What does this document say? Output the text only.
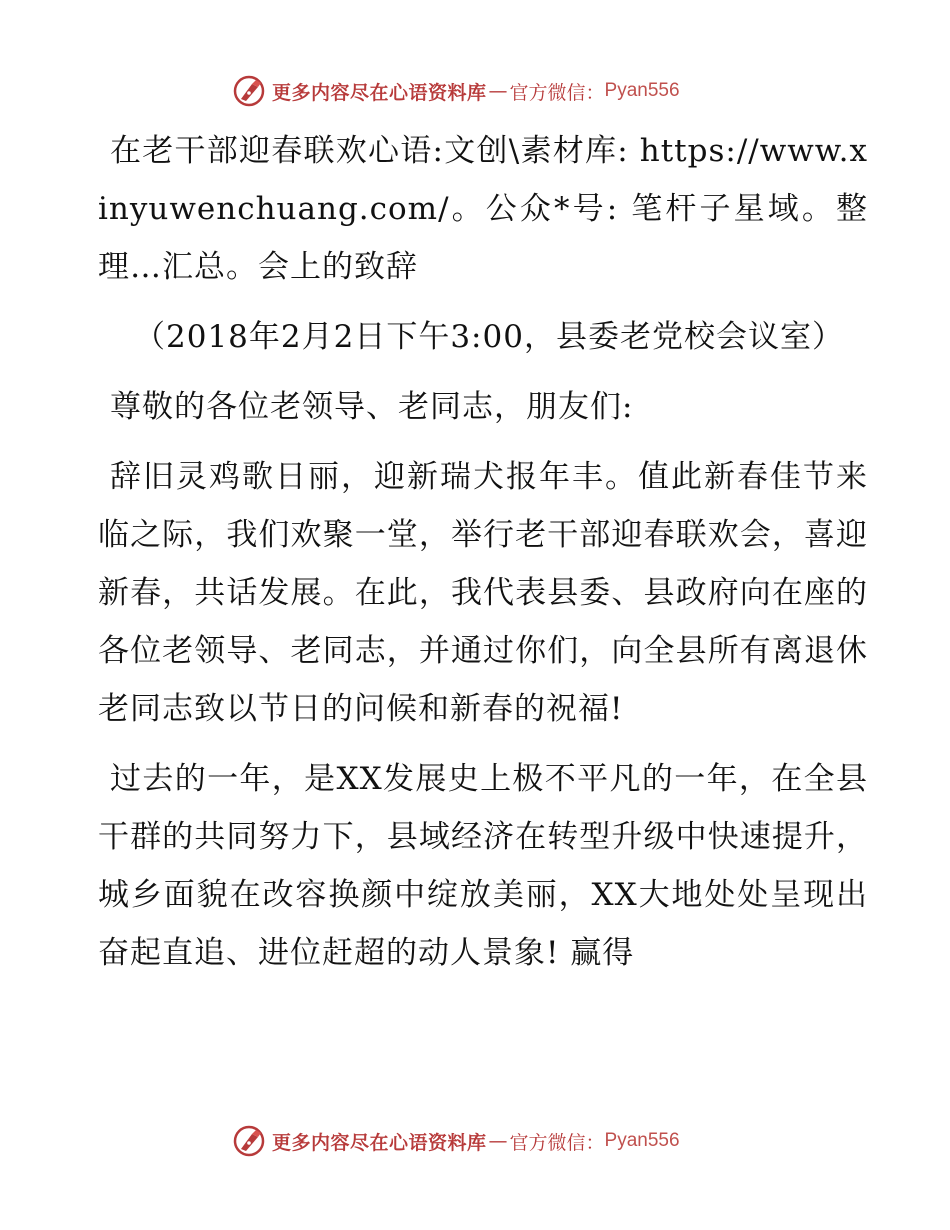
更多内容尽在心语资料库 — 官方微信： Pyan556

在老干部迎春联欢心语:文创\素材库: https://www.xinyuwenchuang.com/。公众*号: 笔杆子星域。整理…汇总。会上的致辞

（2018年2月2日下午3:00，县委老党校会议室）

尊敬的各位老领导、老同志，朋友们:

辞旧灵鸡歌日丽，迎新瑞犬报年丰。值此新春佳节来临之际，我们欢聚一堂，举行老干部迎春联欢会，喜迎新春，共话发展。在此，我代表县委、县政府向在座的各位老领导、老同志，并通过你们，向全县所有离退休老同志致以节日的问候和新春的祝福!

过去的一年，是XX发展史上极不平凡的一年，在全县干群的共同努力下，县域经济在转型升级中快速提升，城乡面貌在改容换颜中绽放美丽，XX大地处处呈现出奋起直追、进位赶超的动人景象! 赢得

更多内容尽在心语资料库 — 官方微信： Pyan556
